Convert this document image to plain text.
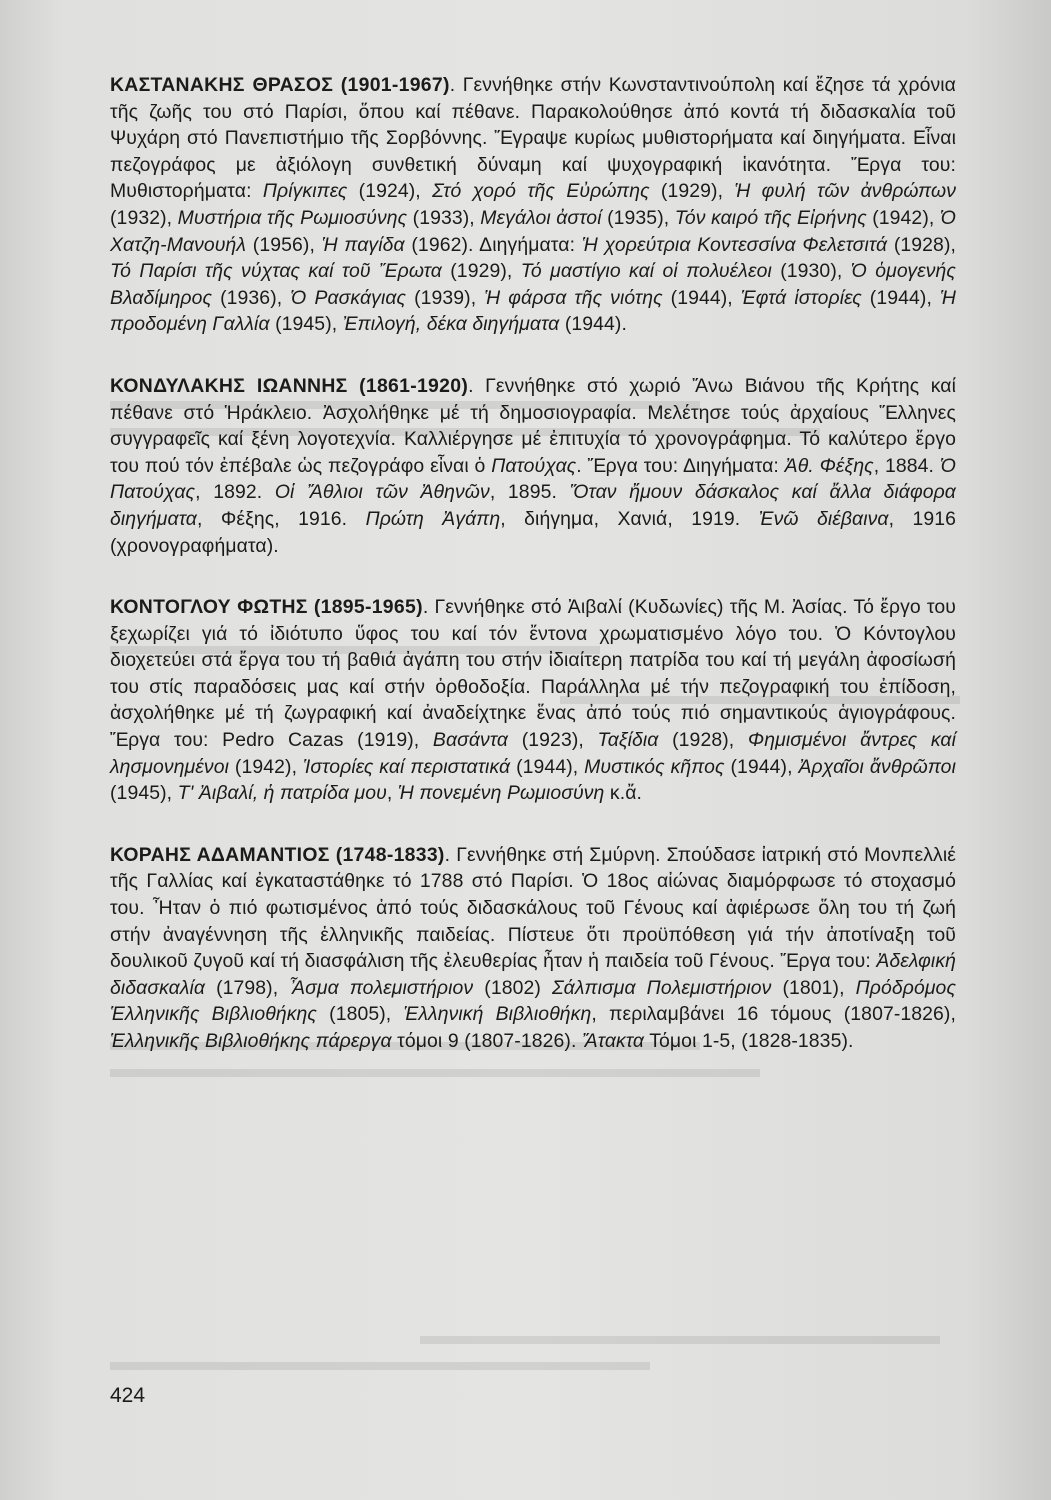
ΚΑΣΤΑΝΑΚΗΣ ΘΡΑΣΟΣ (1901-1967). Γεννήθηκε στήν Κωνσταντινούπολη καί ἔζησε τά χρόνια τῆς ζωῆς του στό Παρίσι, ὅπου καί πέθανε. Παρακολούθησε ἀπό κοντά τή διδασκαλία τοῦ Ψυχάρη στό Πανεπιστήμιο τῆς Σορβόννης. Ἔγραψε κυρίως μυθιστορήματα καί διηγήματα. Εἶναι πεζογράφος με ἀξιόλογη συνθετική δύναμη καί ψυχογραφική ἱκανότητα. Ἔργα του: Μυθιστορήματα: Πρίγκιπες (1924), Στό χορό τῆς Εὐρώπης (1929), Ἡ φυλή τῶν ἀνθρώπων (1932), Μυστήρια τῆς Ρωμιοσύνης (1933), Μεγάλοι ἀστοί (1935), Τόν καιρό τῆς Εἰρήνης (1942), Ὁ Χατζη-Μανουήλ (1956), Ἡ παγίδα (1962). Διηγήματα: Ἡ χορεύτρια Κοντεσσίνα Φελετσιτά (1928), Τό Παρίσι τῆς νύχτας καί τοῦ Ἔρωτα (1929), Τό μαστίγιο καί οἱ πολυέλεοι (1930), Ὁ ὁμογενής Βλαδίμηρος (1936), Ὁ Ρασκάγιας (1939), Ἡ φάρσα τῆς νιότης (1944), Ἑφτά ἱστορίες (1944), Ἡ προδομένη Γαλλία (1945), Ἐπιλογή, δέκα διηγήματα (1944).

ΚΟΝΔΥΛΑΚΗΣ ΙΩΑΝΝΗΣ (1861-1920). Γεννήθηκε στό χωριό Ἄνω Βιάνου τῆς Κρήτης καί πέθανε στό Ἡράκλειο. Ἀσχολήθηκε μέ τή δημοσιογραφία. Μελέτησε τούς ἀρχαίους Ἕλληνες συγγραφεῖς καί ξένη λογοτεχνία. Καλλιέργησε μέ ἐπιτυχία τό χρονογράφημα. Τό καλύτερο ἔργο του πού τόν ἐπέβαλε ὡς πεζογράφο εἶναι ὁ Πατούχας. Ἔργα του: Διηγήματα: Ἀθ. Φέξης, 1884. Ὁ Πατούχας, 1892. Οἱ Ἄθλιοι τῶν Ἀθηνῶν, 1895. Ὅταν ἤμουν δάσκαλος καί ἄλλα διάφορα διηγήματα, Φέξης, 1916. Πρώτη Ἀγάπη, διήγημα, Χανιά, 1919. Ἐνῶ διέβαινα, 1916 (χρονογραφήματα).

ΚΟΝΤΟΓΛΟΥ ΦΩΤΗΣ (1895-1965). Γεννήθηκε στό Ἀιβαλί (Κυδωνίες) τῆς Μ. Ἀσίας. Τό ἔργο του ξεχωρίζει γιά τό ἰδιότυπο ὕφος του καί τόν ἔντονα χρωματισμένο λόγο του. Ὁ Κόντογλου διοχετεύει στά ἔργα του τή βαθιά ἀγάπη του στήν ἰδιαίτερη πατρίδα του καί τή μεγάλη ἀφοσίωσή του στίς παραδόσεις μας καί στήν ὀρθοδοξία. Παράλληλα μέ τήν πεζογραφική του ἐπίδοση, ἀσχολήθηκε μέ τή ζωγραφική καί ἀναδείχτηκε ἕνας ἀπό τούς πιό σημαντικούς ἁγιογράφους. Ἔργα του: Pedro Cazas (1919), Βασάντα (1923), Ταξίδια (1928), Φημισμένοι ἄντρες καί λησμονημένοι (1942), Ἱστορίες καί περιστατικά (1944), Μυστικός κῆπος (1944), Ἀρχαῖοι ἄνθρῶποι (1945), Τ' Ἀιβαλί, ἡ πατρίδα μου, Ἡ πονεμένη Ρωμιοσύνη κ.ἄ.

ΚΟΡΑΗΣ ΑΔΑΜΑΝΤΙΟΣ (1748-1833). Γεννήθηκε στή Σμύρνη. Σπούδασε ἰατρική στό Μονπελλιέ τῆς Γαλλίας καί ἐγκαταστάθηκε τό 1788 στό Παρίσι. Ὁ 18ος αἰώνας διαμόρφωσε τό στοχασμό του. Ἦταν ὁ πιό φωτισμένος ἀπό τούς διδασκάλους τοῦ Γένους καί ἀφιέρωσε ὅλη του τή ζωή στήν ἀναγέννηση τῆς ἑλληνικῆς παιδείας. Πίστευε ὅτι προϋπόθεση γιά τήν ἀποτίναξη τοῦ δουλικοῦ ζυγοῦ καί τή διασφάλιση τῆς ἐλευθερίας ἦταν ἡ παιδεία τοῦ Γένους. Ἔργα του: Ἀδελφική διδασκαλία (1798), Ἆσμα πολεμιστήριον (1802) Σάλπισμα Πολεμιστήριον (1801), Πρόδρόμος Ἑλληνικῆς Βιβλιοθήκης (1805), Ἑλληνική Βιβλιοθήκη, περιλαμβάνει 16 τόμους (1807-1826), Ἑλληνικῆς Βιβλιοθήκης πάρεργα τόμοι 9 (1807-1826). Ἄτακτα Τόμοι 1-5, (1828-1835).

424
